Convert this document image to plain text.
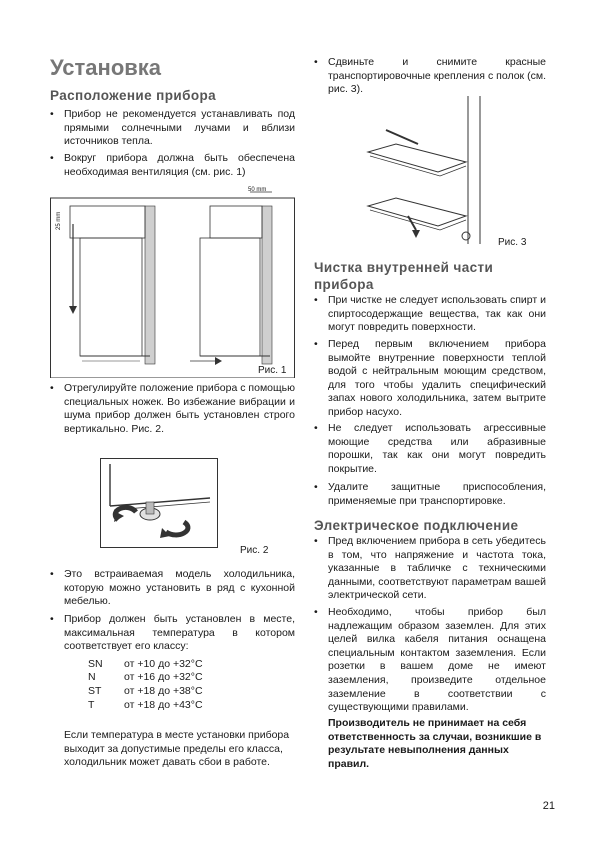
Установка
Расположение прибора
• Прибор не рекомендуется устанавливать под прямыми солнечными лучами и вблизи источников тепла.
• Вокруг прибора должна быть обеспечена необходимая вентиляция (см. рис. 1)
50 mm
25 mm
Рис. 1
• Отрегулируйте положение прибора с помощью специальных ножек. Во избежание вибрации и шума прибор должен быть установлен строго вертикально. Рис. 2.
Рис. 2
• Это встраиваемая модель холодильника, которую можно установить в ряд с кухонной мебелью.
• Прибор должен быть установлен в месте, максимальная температура в котором соответствует его классу:
SN	от +10 до +32°C
N	от +16 до +32°C
ST	от +18 до +38°C
T	от +18 до +43°C
Если температура в месте установки прибора выходит за допустимые пределы его класса, холодильник может давать сбои в работе.
• Сдвиньте и снимите красные транспортировочные крепления с полок (см. рис. 3).
Рис. 3
Чистка внутренней части прибора
• При чистке не следует использовать спирт и спиртосодержащие вещества, так как они могут повредить поверхности.
• Перед первым включением прибора вымойте внутренние поверхности теплой водой с нейтральным моющим средством, для того чтобы удалить специфический запах нового холодильника, затем вытрите прибор насухо.
• Не следует использовать агрессивные моющие средства или абразивные порошки, так как они могут повредить покрытие.
• Удалите защитные приспособления, применяемые при транспортировке.
Электрическое подключение
• Пред включением прибора в сеть убедитесь в том, что напряжение и частота тока, указанные в табличке с техническими данными, соответствуют параметрам вашей электрической сети.
• Необходимо, чтобы прибор был надлежащим образом заземлен. Для этих целей вилка кабеля питания оснащена специальным контактом заземления. Если розетки в вашем доме не имеют заземления, произведите отдельное заземление в соответствии с существующими правилами.
Производитель не принимает на себя ответственность за случаи, возникшие в результате невыполнения данных правил.
21
